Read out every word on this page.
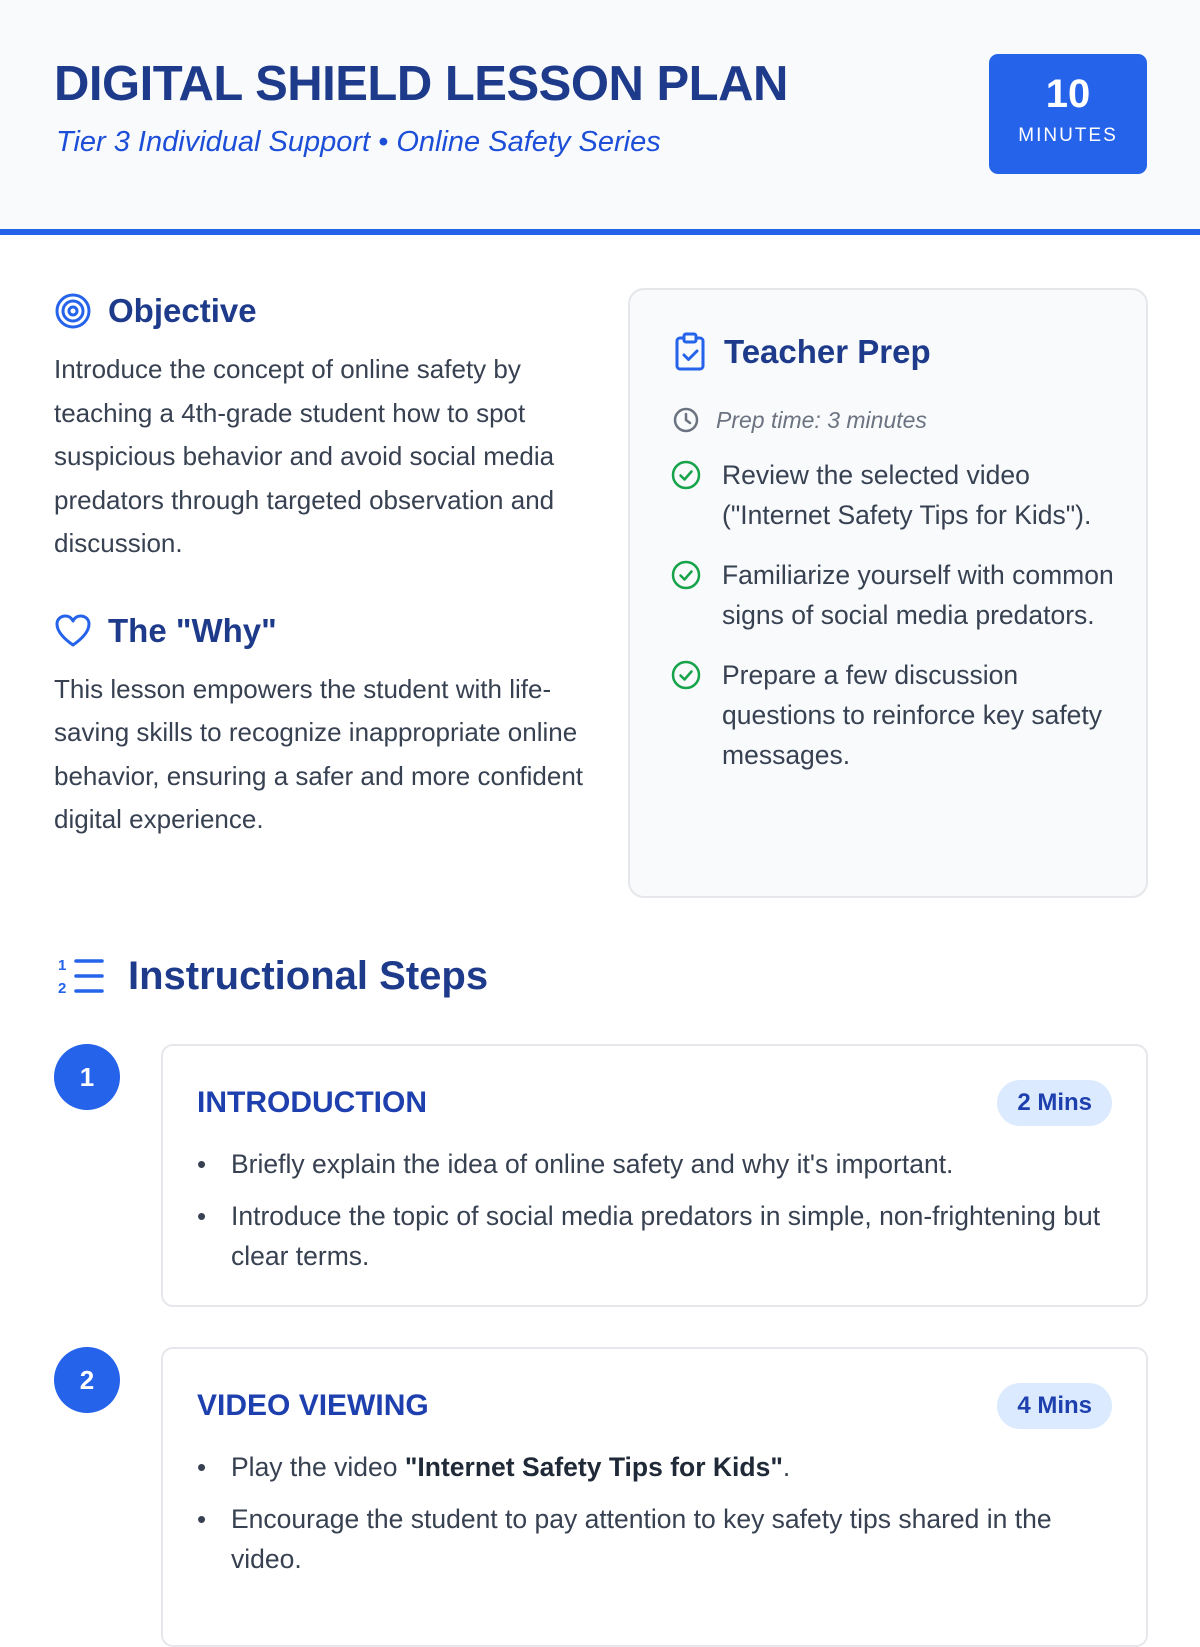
DIGITAL SHIELD LESSON PLAN
Tier 3 Individual Support • Online Safety Series
10
MINUTES
Objective

Introduce the concept of online safety by teaching a 4th-grade student how to spot suspicious behavior and avoid social media predators through targeted observation and discussion.

The "Why"

This lesson empowers the student with life-saving skills to recognize inappropriate online behavior, ensuring a safer and more confident digital experience.

Teacher Prep
Prep time: 3 minutes
Review the selected video ("Internet Safety Tips for Kids").
Familiarize yourself with common signs of social media predators.
Prepare a few discussion questions to reinforce key safety messages.
1
2 Instructional Steps
1
INTRODUCTION	2 Mins
• Briefly explain the idea of online safety and why it's important.
• Introduce the topic of social media predators in simple, non-frightening but clear terms.
2
VIDEO VIEWING	4 Mins
• Play the video "Internet Safety Tips for Kids".
• Encourage the student to pay attention to key safety tips shared in the video.
